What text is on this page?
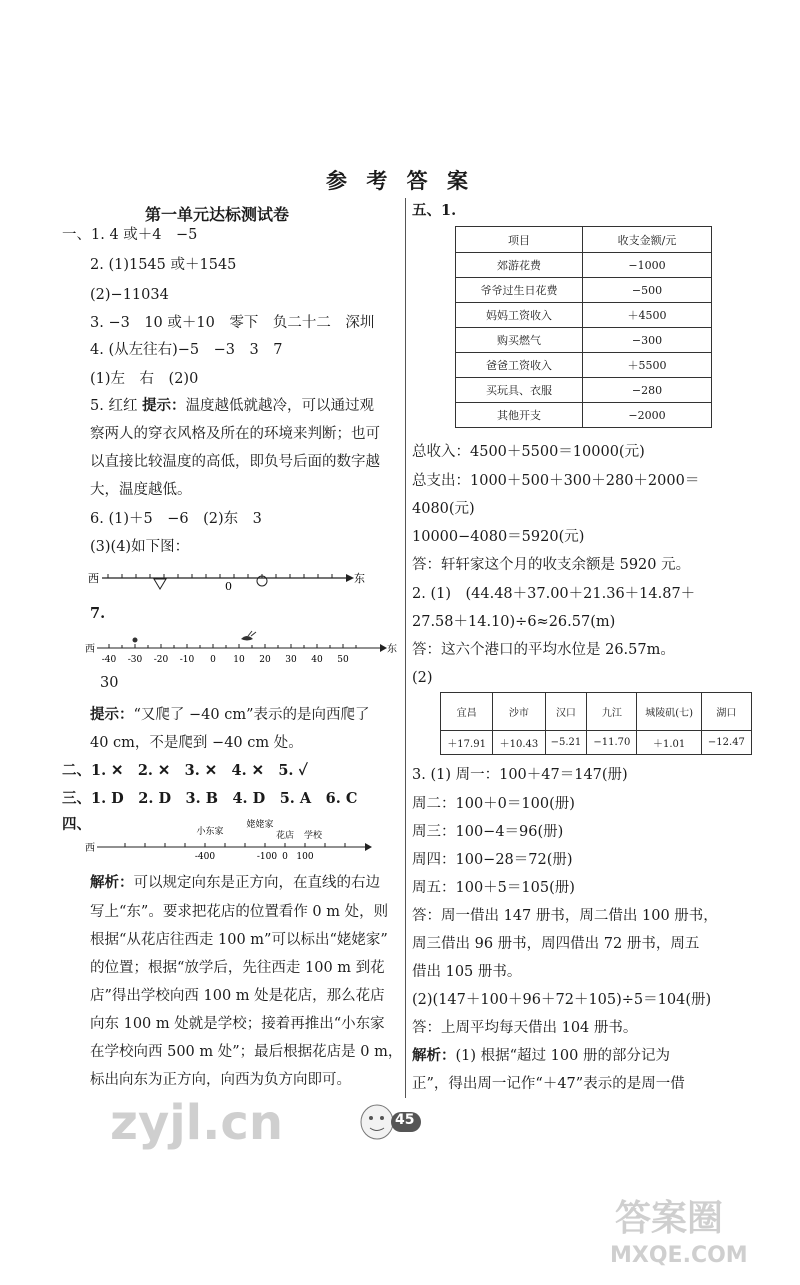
参 考 答 案
第一单元达标测试卷
一、1. 4 或＋4　−5
2. (1)1545 或＋1545
(2)−11034
3. −3　10 或＋10　零下　负二十二　深圳
4. (从左往右)−5　−3　3　7
(1)左　右　(2)0
5. 红红 提示：温度越低就越冷，可以通过观
察两人的穿衣风格及所在的环境来判断；也可
以直接比较温度的高低，即负号后面的数字越
大，温度越低。
6. (1)＋5　−6　(2)东　3
(3)(4)如下图：
西
0
东
7.
西
-40 -30 -20 -10 0 10 20 30 40 50
东
30
提示：“又爬了 −40 cm”表示的是向西爬了
40 cm，不是爬到 −40 cm 处。
二、1. ✕　2. ✕　3. ✕　4. ✕　5. ✓
三、1. D　2. D　3. B　4. D　5. A　6. C
四、
西
-400	-100 0 100
小东家
姥姥家
花店 学校
解析：可以规定向东是正方向，在直线的右边
写上“东”。要求把花店的位置看作 0 m 处，则
根据“从花店往西走 100 m”可以标出“姥姥家”
的位置；根据“放学后，先往西走 100 m 到花
店”得出学校向西 100 m 处是花店，那么花店
向东 100 m 处就是学校；接着再推出“小东家
在学校向西 500 m 处”；最后根据花店是 0 m，
标出向东为正方向，向西为负方向即可。
五、1.
项目	收支金额/元
郊游花费	−1000
爷爷过生日花费	−500
妈妈工资收入	＋4500
购买燃气	−300
爸爸工资收入	＋5500
买玩具、衣服	−280
其他开支	−2000
总收入：4500＋5500＝10000(元)
总支出：1000＋500＋300＋280＋2000＝
4080(元)
10000−4080＝5920(元)
答：轩轩家这个月的收支余额是 5920 元。
2. (1)　(44.48＋37.00＋21.36＋14.87＋
27.58＋14.10)÷6≈26.57(m)
答：这六个港口的平均水位是 26.57m。
(2)
宜昌	沙市	汉口	九江	城陵矶(七)	湖口
＋17.91	＋10.43	−5.21	−11.70	＋1.01	−12.47
3. (1) 周一：100＋47＝147(册)
周二：100＋0＝100(册)
周三：100−4＝96(册)
周四：100−28＝72(册)
周五：100＋5＝105(册)
答：周一借出 147 册书，周二借出 100 册书，
周三借出 96 册书，周四借出 72 册书，周五
借出 105 册书。
(2)(147＋100＋96＋72＋105)÷5＝104(册)
答：上周平均每天借出 104 册书。
解析：(1) 根据“超过 100 册的部分记为
正”，得出周一记作“＋47”表示的是周一借
45
zyjl.cn
答案圈
MXQE.COM
